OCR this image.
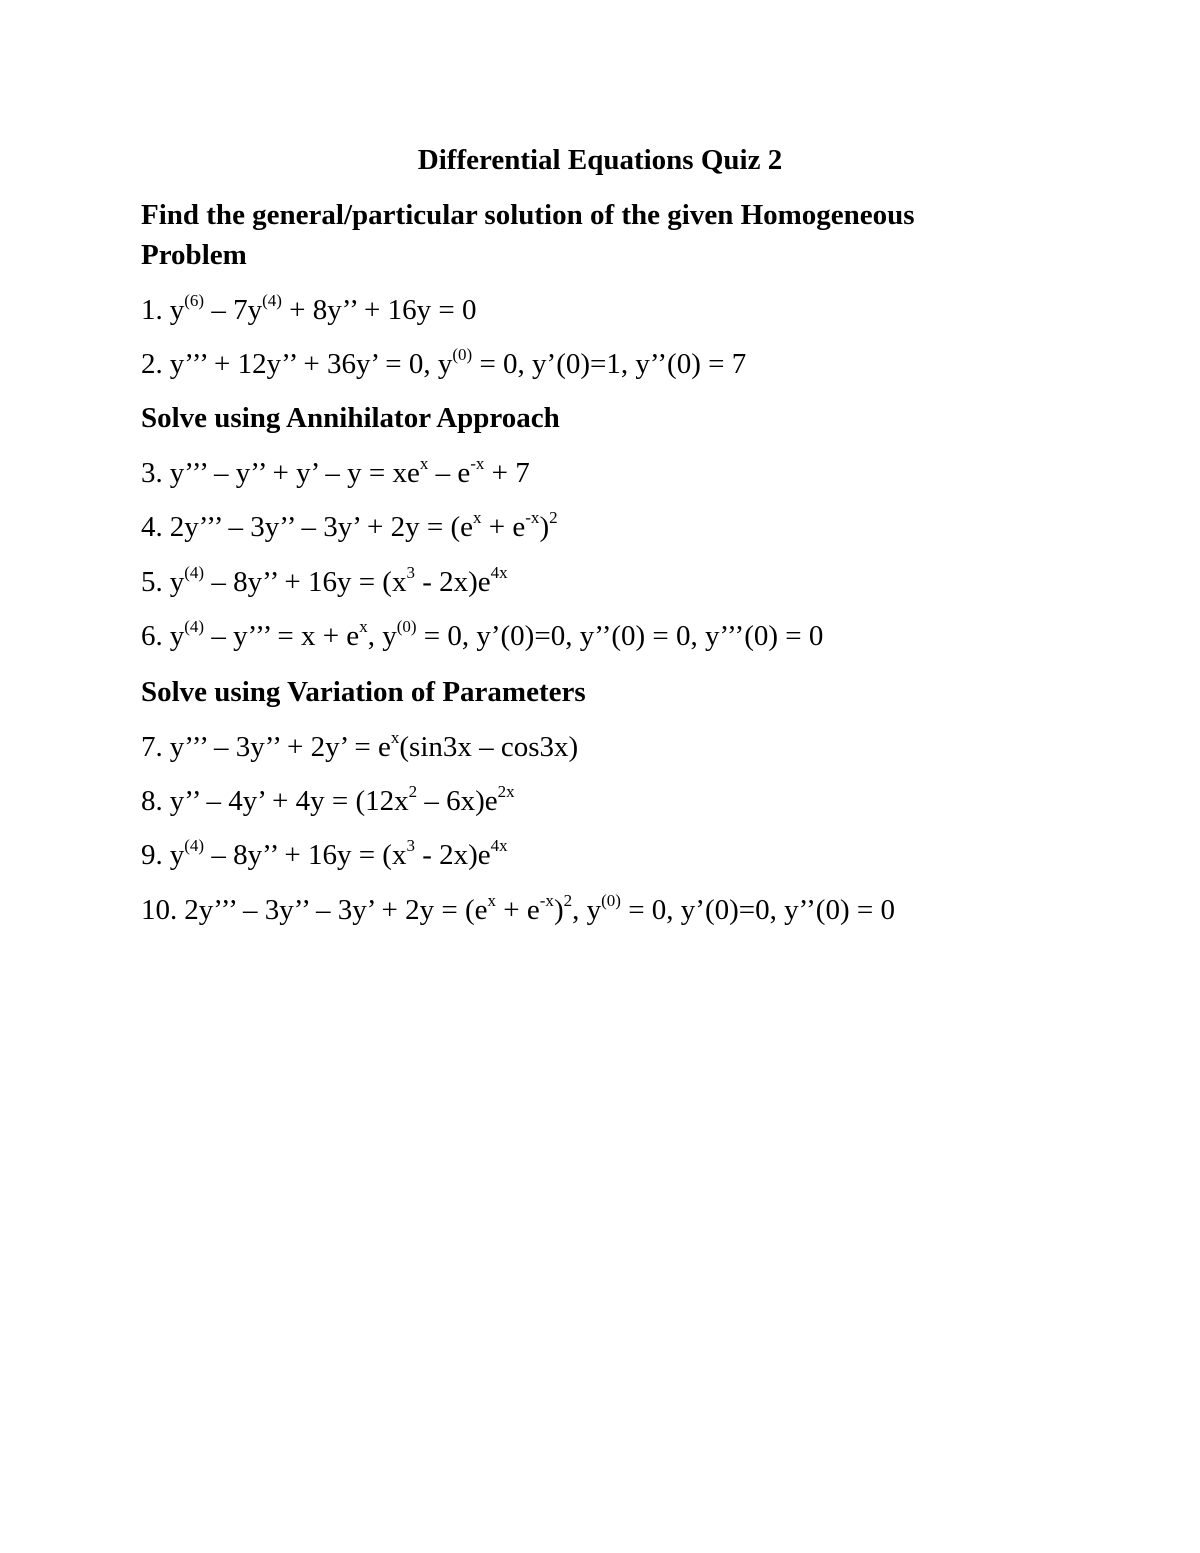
Differential Equations Quiz 2

Find the general/particular solution of the given Homogeneous Problem

1. $y^{(6)} - 7y^{(4)} + 8y$’’ + 16y = 0

2. y’’’ + 12y’’ + 36y’ = 0, $y^{(0)} = 0$, y’(0)=1, y’’(0) = 7

Solve using Annihilator Approach

3. y’’’ – y’’ + y’ – $y = xe^x - e^{-x} + 7$

4. 2y’’’ – 3y’’ – 3y’ + $2y = (e^x + e^{-x})^2$

5. $y^{(4)} - 8y$’’ + $16y = (x^3 - 2x)e^{4x}$

6. $y^{(4)}$ – y’’’ = $x + e^x$, $y^{(0)} = 0$, y’(0)=0, y’’(0) = 0, y’’’(0) = 0

Solve using Variation of Parameters

7. y’’’ – 3y’’ + 2y’ = $e^x(\sin 3x - \cos 3x)$

8. y’’ – 4y’ + $4y = (12x^2 - 6x)e^{2x}$

9. $y^{(4)} - 8y$’’ + $16y = (x^3 - 2x)e^{4x}$

10. 2y’’’ – 3y’’ – 3y’ + $2y = (e^x + e^{-x})^2$, $y^{(0)} = 0$, y’(0)=0, y’’(0) = 0
